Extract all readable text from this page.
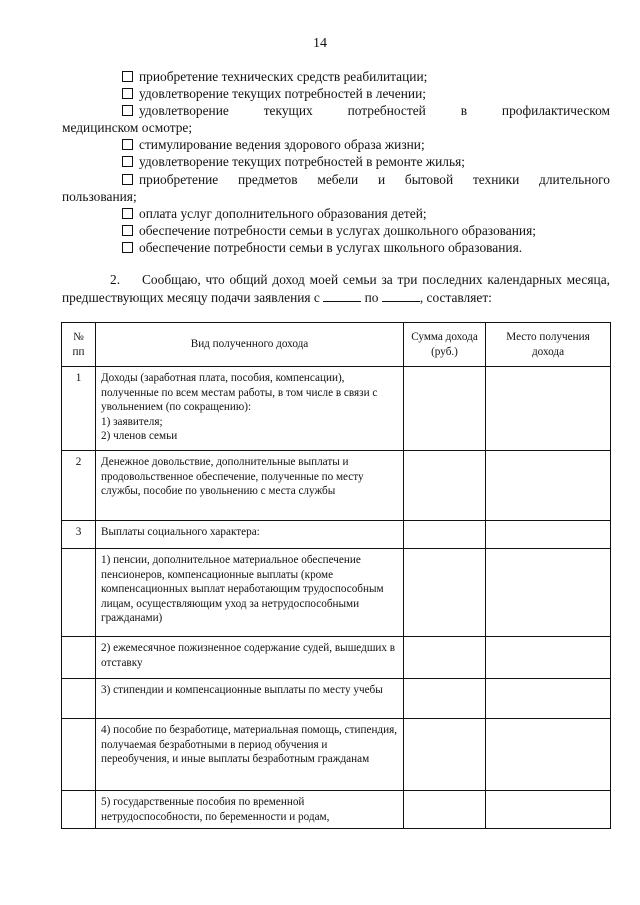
14
приобретение технических средств реабилитации;
удовлетворение текущих потребностей в лечении;
удовлетворение текущих потребностей в профилактическом
медицинском осмотре;
стимулирование ведения здорового образа жизни;
удовлетворение текущих потребностей в ремонте жилья;
приобретение предметов мебели и бытовой техники длительного
пользования;
оплата услуг дополнительного образования детей;
обеспечение потребности семьи в услугах дошкольного образования;
обеспечение потребности семьи в услугах школьного образования.
2. Сообщаю, что общий доход моей семьи за три последних календарных месяца, предшествующих месяцу подачи заявления с	по	, составляет:
№ пп	Вид полученного дохода	Сумма дохода (руб.)	Место получения дохода
1	Доходы (заработная плата, пособия, компенсации), полученные по всем местам работы, в том числе в связи с увольнением (по сокращению):
1) заявителя;
2) членов семьи		
2	Денежное довольствие, дополнительные выплаты и продовольственное обеспечение, полученные по месту службы, пособие по увольнению с места службы		
3	Выплаты социального характера:		
	1) пенсии, дополнительное материальное обеспечение пенсионеров, компенсационные выплаты (кроме компенсационных выплат неработающим трудоспособным лицам, осуществляющим уход за нетрудоспособными гражданами)		
	2) ежемесячное пожизненное содержание судей, вышедших в отставку		
	3) стипендии и компенсационные выплаты по месту учебы		
	4) пособие по безработице, материальная помощь, стипендия, получаемая безработными в период обучения и переобучения, и иные выплаты безработным гражданам		
	5) государственные пособия по временной нетрудоспособности, по беременности и родам,		
